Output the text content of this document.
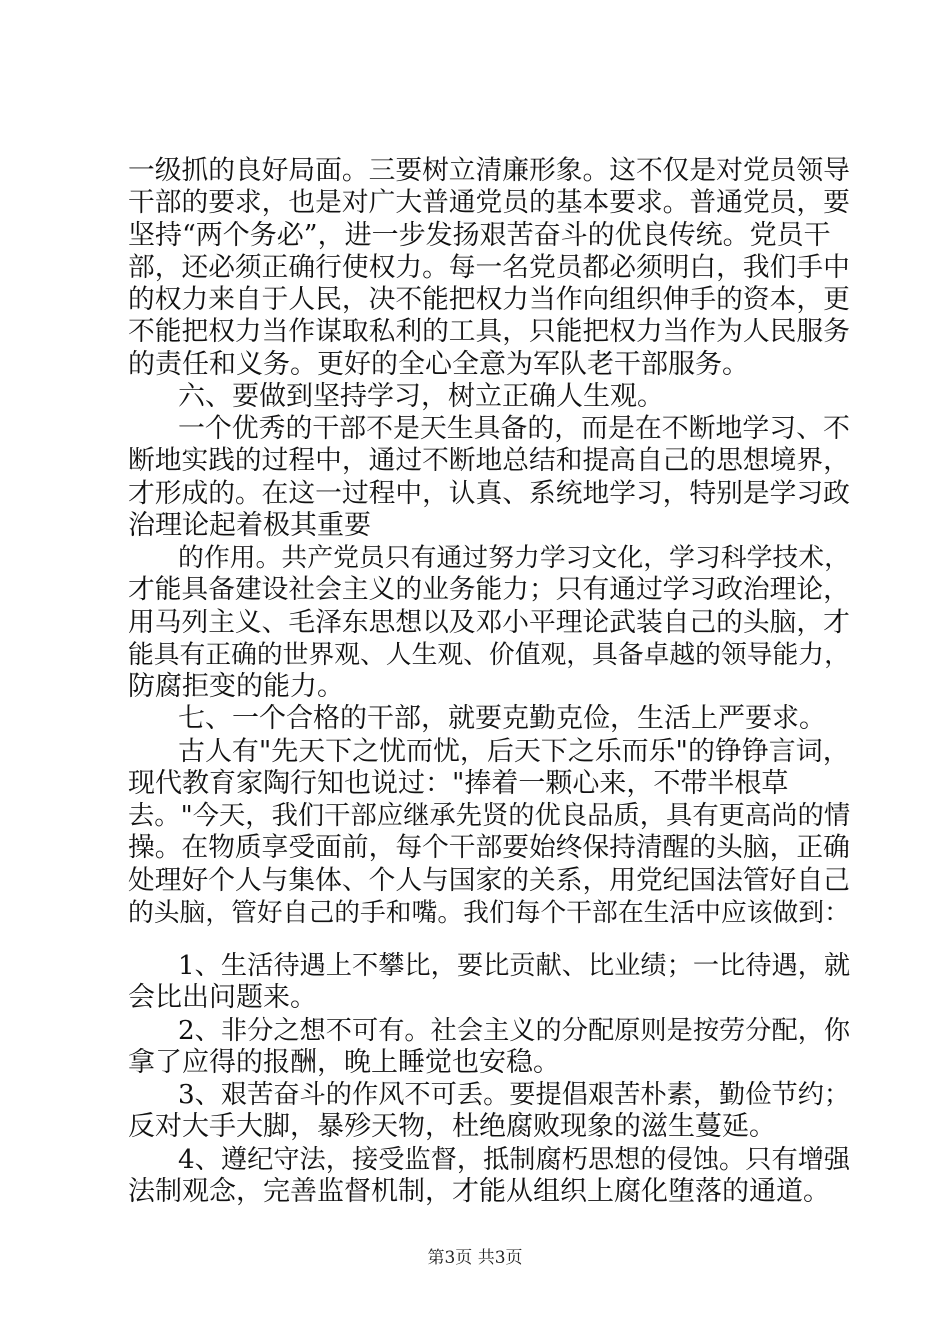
一级抓的良好局面。三要树立清廉形象。这不仅是对党员领导
干部的要求，也是对广大普通党员的基本要求。普通党员，要
坚持“两个务必”，进一步发扬艰苦奋斗的优良传统。党员干
部，还必须正确行使权力。每一名党员都必须明白，我们手中
的权力来自于人民，决不能把权力当作向组织伸手的资本，更
不能把权力当作谋取私利的工具，只能把权力当作为人民服务
的责任和义务。更好的全心全意为军队老干部服务。
六、要做到坚持学习，树立正确人生观。
一个优秀的干部不是天生具备的，而是在不断地学习、不
断地实践的过程中，通过不断地总结和提高自己的思想境界，
才形成的。在这一过程中，认真、系统地学习，特别是学习政
治理论起着极其重要
的作用。共产党员只有通过努力学习文化，学习科学技术，
才能具备建设社会主义的业务能力；只有通过学习政治理论，
用马列主义、毛泽东思想以及邓小平理论武装自己的头脑，才
能具有正确的世界观、人生观、价值观，具备卓越的领导能力，
防腐拒变的能力。
七、一个合格的干部，就要克勤克俭，生活上严要求。
古人有"先天下之忧而忧，后天下之乐而乐"的铮铮言词，
现代教育家陶行知也说过："捧着一颗心来，不带半根草
去。"今天，我们干部应继承先贤的优良品质，具有更高尚的情
操。在物质享受面前，每个干部要始终保持清醒的头脑，正确
处理好个人与集体、个人与国家的关系，用党纪国法管好自己
的头脑，管好自己的手和嘴。我们每个干部在生活中应该做到：
1、生活待遇上不攀比，要比贡献、比业绩；一比待遇，就
会比出问题来。
2、非分之想不可有。社会主义的分配原则是按劳分配，你
拿了应得的报酬，晚上睡觉也安稳。
3、艰苦奋斗的作风不可丢。要提倡艰苦朴素，勤俭节约；
反对大手大脚，暴殄天物，杜绝腐败现象的滋生蔓延。
4、遵纪守法，接受监督，抵制腐朽思想的侵蚀。只有增强
法制观念，完善监督机制，才能从组织上腐化堕落的通道。
第3页 共3页
